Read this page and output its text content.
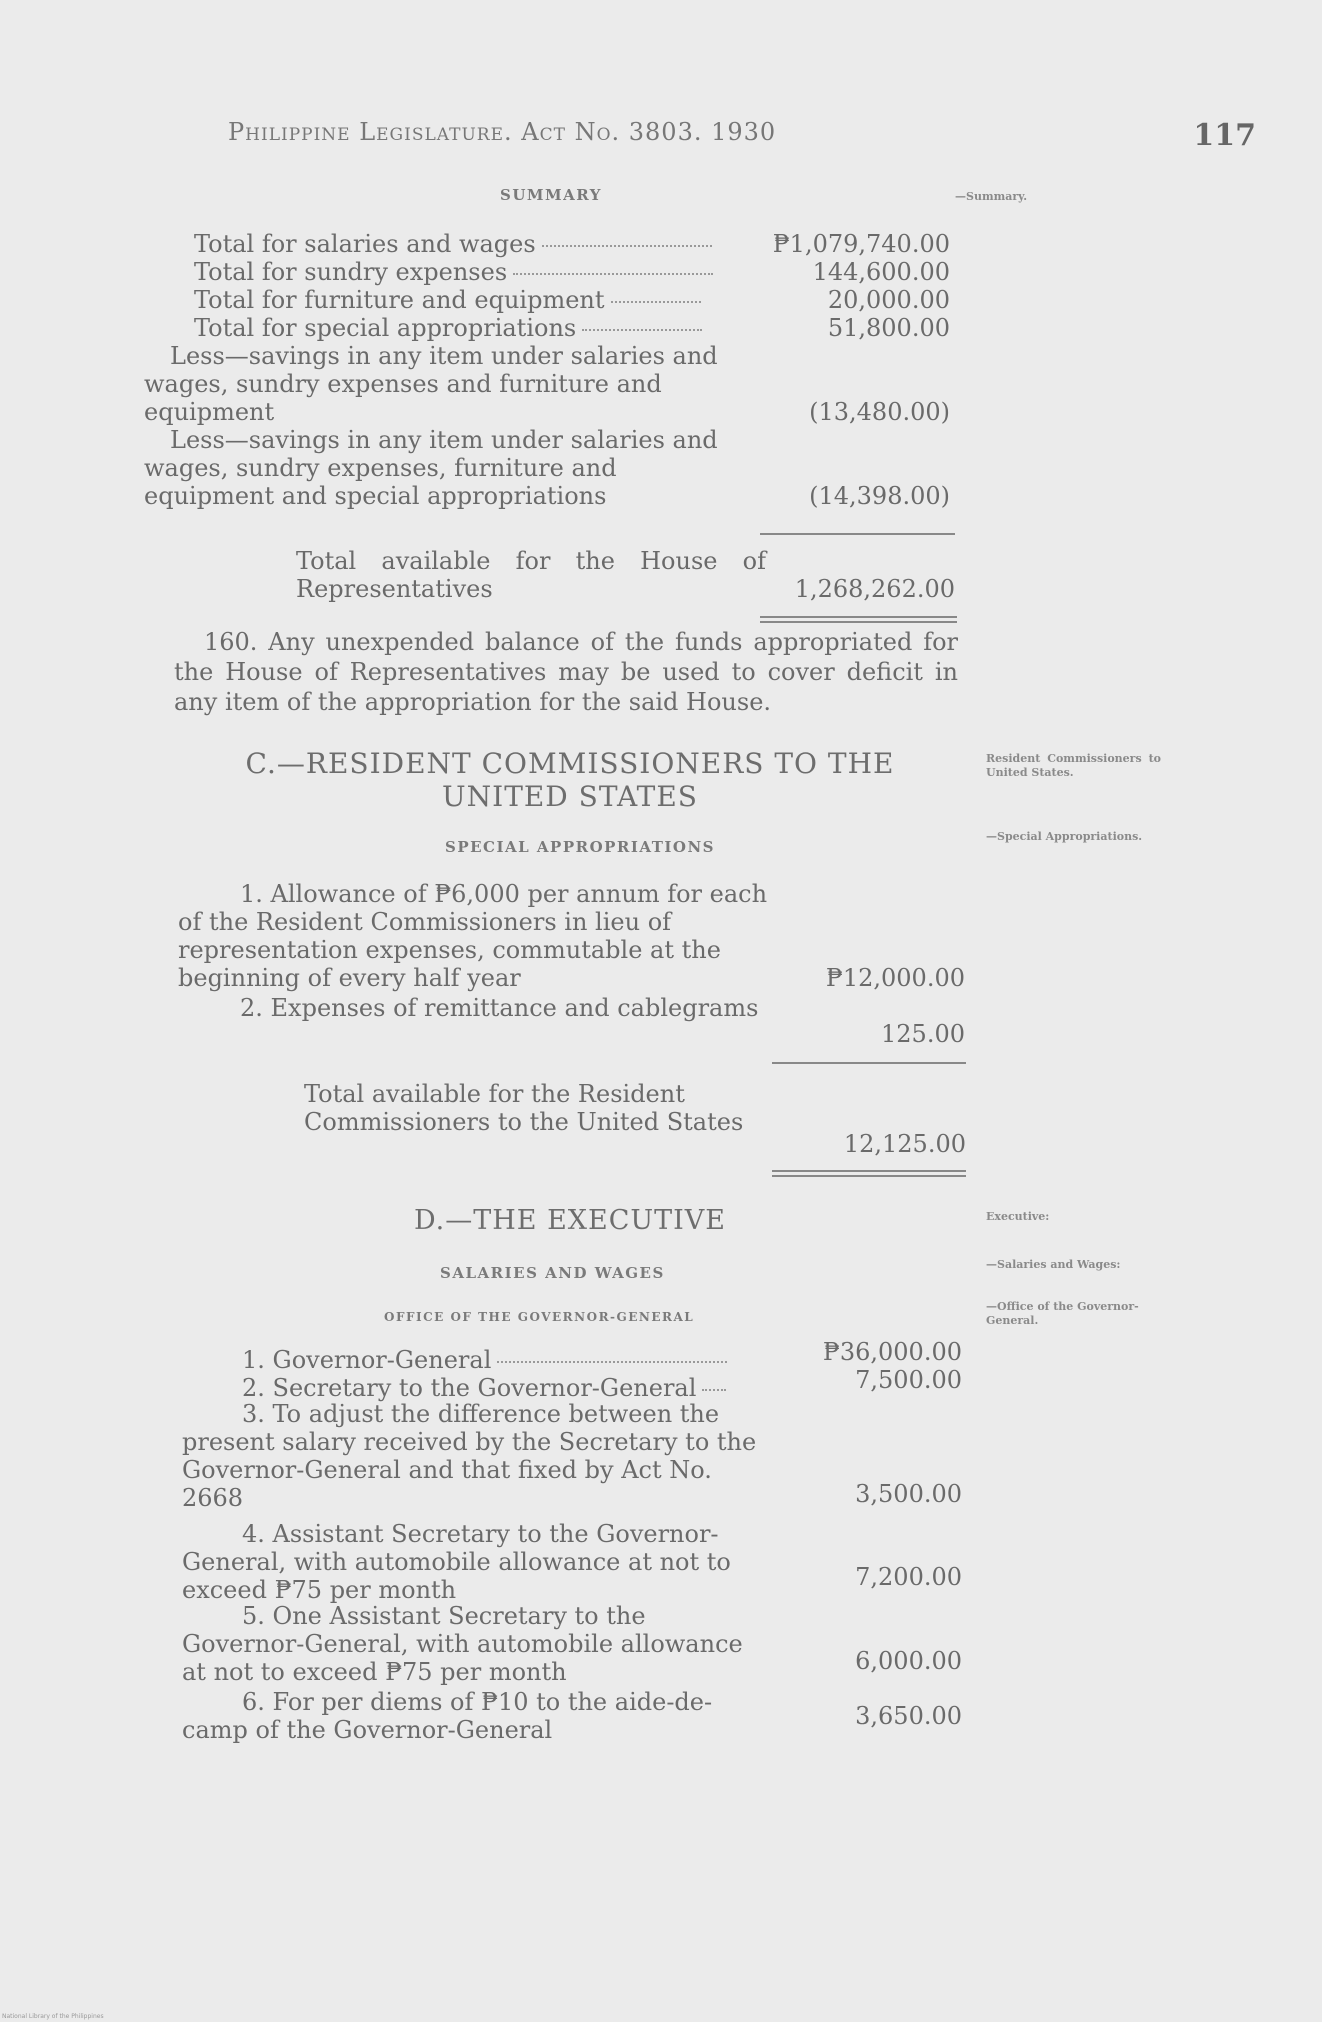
Philippine Legislature. Act No. 3803. 1930	117
SUMMARY	—Summary.
Total for salaries and wages	₱1,079,740.00
Total for sundry expenses	144,600.00
Total for furniture and equipment	20,000.00
Total for special appropriations	51,800.00
Less—savings in any item under salaries and wages, sundry expenses and furniture and equipment	(13,480.00)
Less—savings in any item under salaries and wages, sundry expenses, furniture and equipment and special appropriations	(14,398.00)
Total available for the House of Representatives	1,268,262.00
160. Any unexpended balance of the funds appropriated for the House of Representatives may be used to cover deficit in any item of the appropriation for the said House.
C.—RESIDENT COMMISSIONERS TO THE
UNITED STATES
Resident Commissioners to United States.
SPECIAL APPROPRIATIONS
—Special Appropriations.
1. Allowance of ₱6,000 per annum for each of the Resident Commissioners in lieu of representation expenses, commutable at the beginning of every half year	₱12,000.00
2. Expenses of remittance and cablegrams
125.00
Total available for the Resident Commissioners to the United States
12,125.00
D.—THE EXECUTIVE	Executive:
SALARIES AND WAGES	—Salaries and Wages:
OFFICE OF THE GOVERNOR-GENERAL
—Office of the Governor-General.
1. Governor-General	₱36,000.00
2. Secretary to the Governor-General	7,500.00
3. To adjust the difference between the present salary received by the Secretary to the Governor-General and that fixed by Act No. 2668	3,500.00
4. Assistant Secretary to the Governor-General, with automobile allowance at not to exceed ₱75 per month	7,200.00
5. One Assistant Secretary to the Governor-General, with automobile allowance at not to exceed ₱75 per month	6,000.00
6. For per diems of ₱10 to the aide-de-camp of the Governor-General	3,650.00
National Library of the Philippines
